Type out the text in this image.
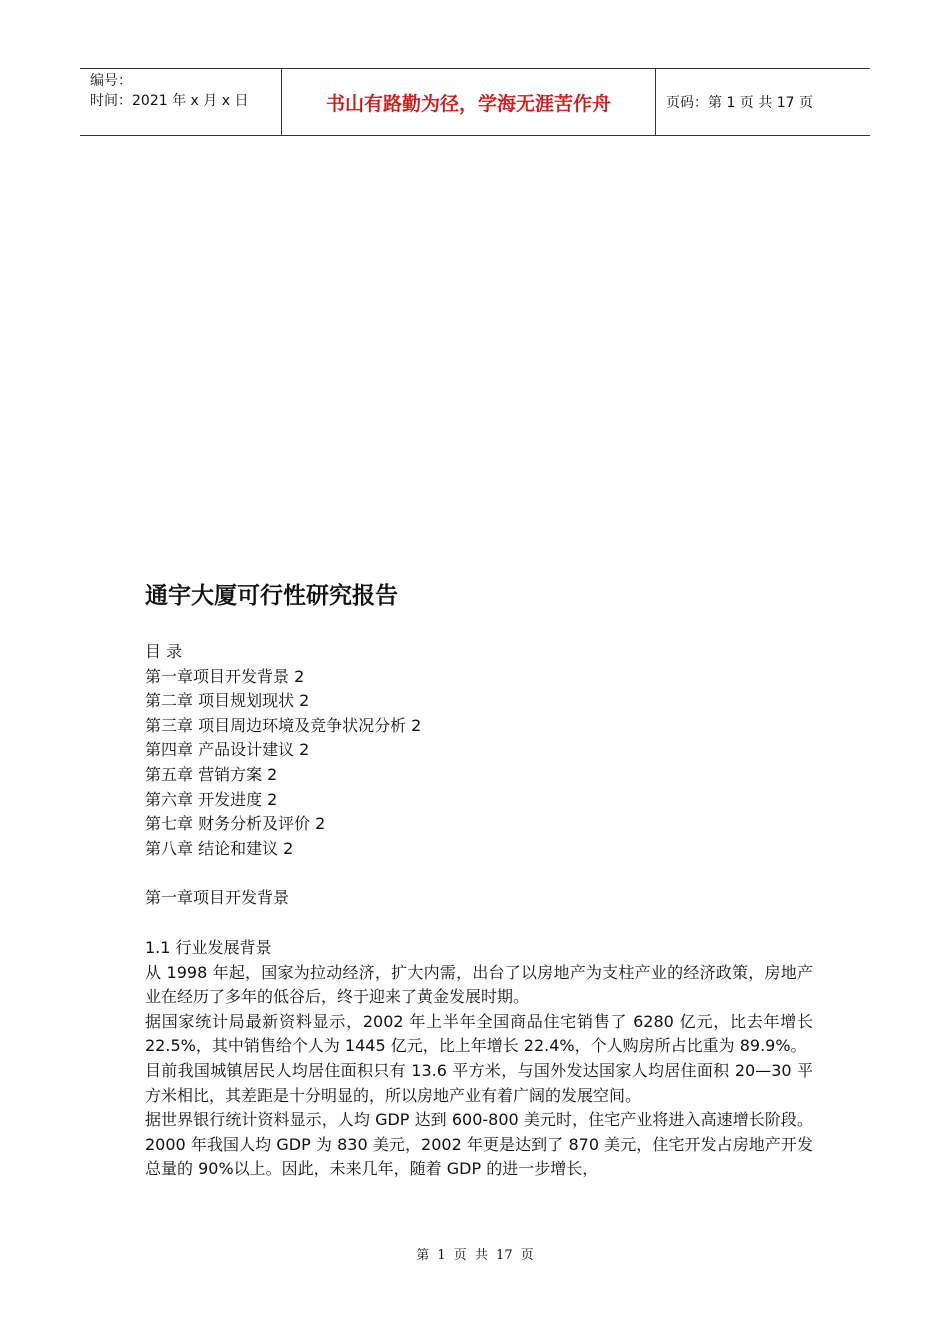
编号：
时间：2021 年 x 月 x 日	书山有路勤为径，学海无涯苦作舟	页码：第 1 页 共 17 页
通宇大厦可行性研究报告
目 录
第一章项目开发背景 2
第二章 项目规划现状 2
第三章 项目周边环境及竞争状况分析 2
第四章 产品设计建议 2
第五章 营销方案 2
第六章 开发进度 2
第七章 财务分析及评价 2
第八章 结论和建议 2
第一章项目开发背景
1.1 行业发展背景

从 1998 年起，国家为拉动经济，扩大内需，出台了以房地产为支柱产业的经济政策，房地产业在经历了多年的低谷后，终于迎来了黄金发展时期。

据国家统计局最新资料显示，2002 年上半年全国商品住宅销售了 6280 亿元，比去年增长 22.5%，其中销售给个人为 1445 亿元，比上年增长 22.4%，个人购房所占比重为 89.9%。

目前我国城镇居民人均居住面积只有 13.6 平方米，与国外发达国家人均居住面积 20—30 平方米相比，其差距是十分明显的，所以房地产业有着广阔的发展空间。

据世界银行统计资料显示，人均 GDP 达到 600-800 美元时，住宅产业将进入高速增长阶段。2000 年我国人均 GDP 为 830 美元，2002 年更是达到了 870 美元，住宅开发占房地产开发总量的 90%以上。因此，未来几年，随着 GDP 的进一步增长，

第 1 页 共 17 页
